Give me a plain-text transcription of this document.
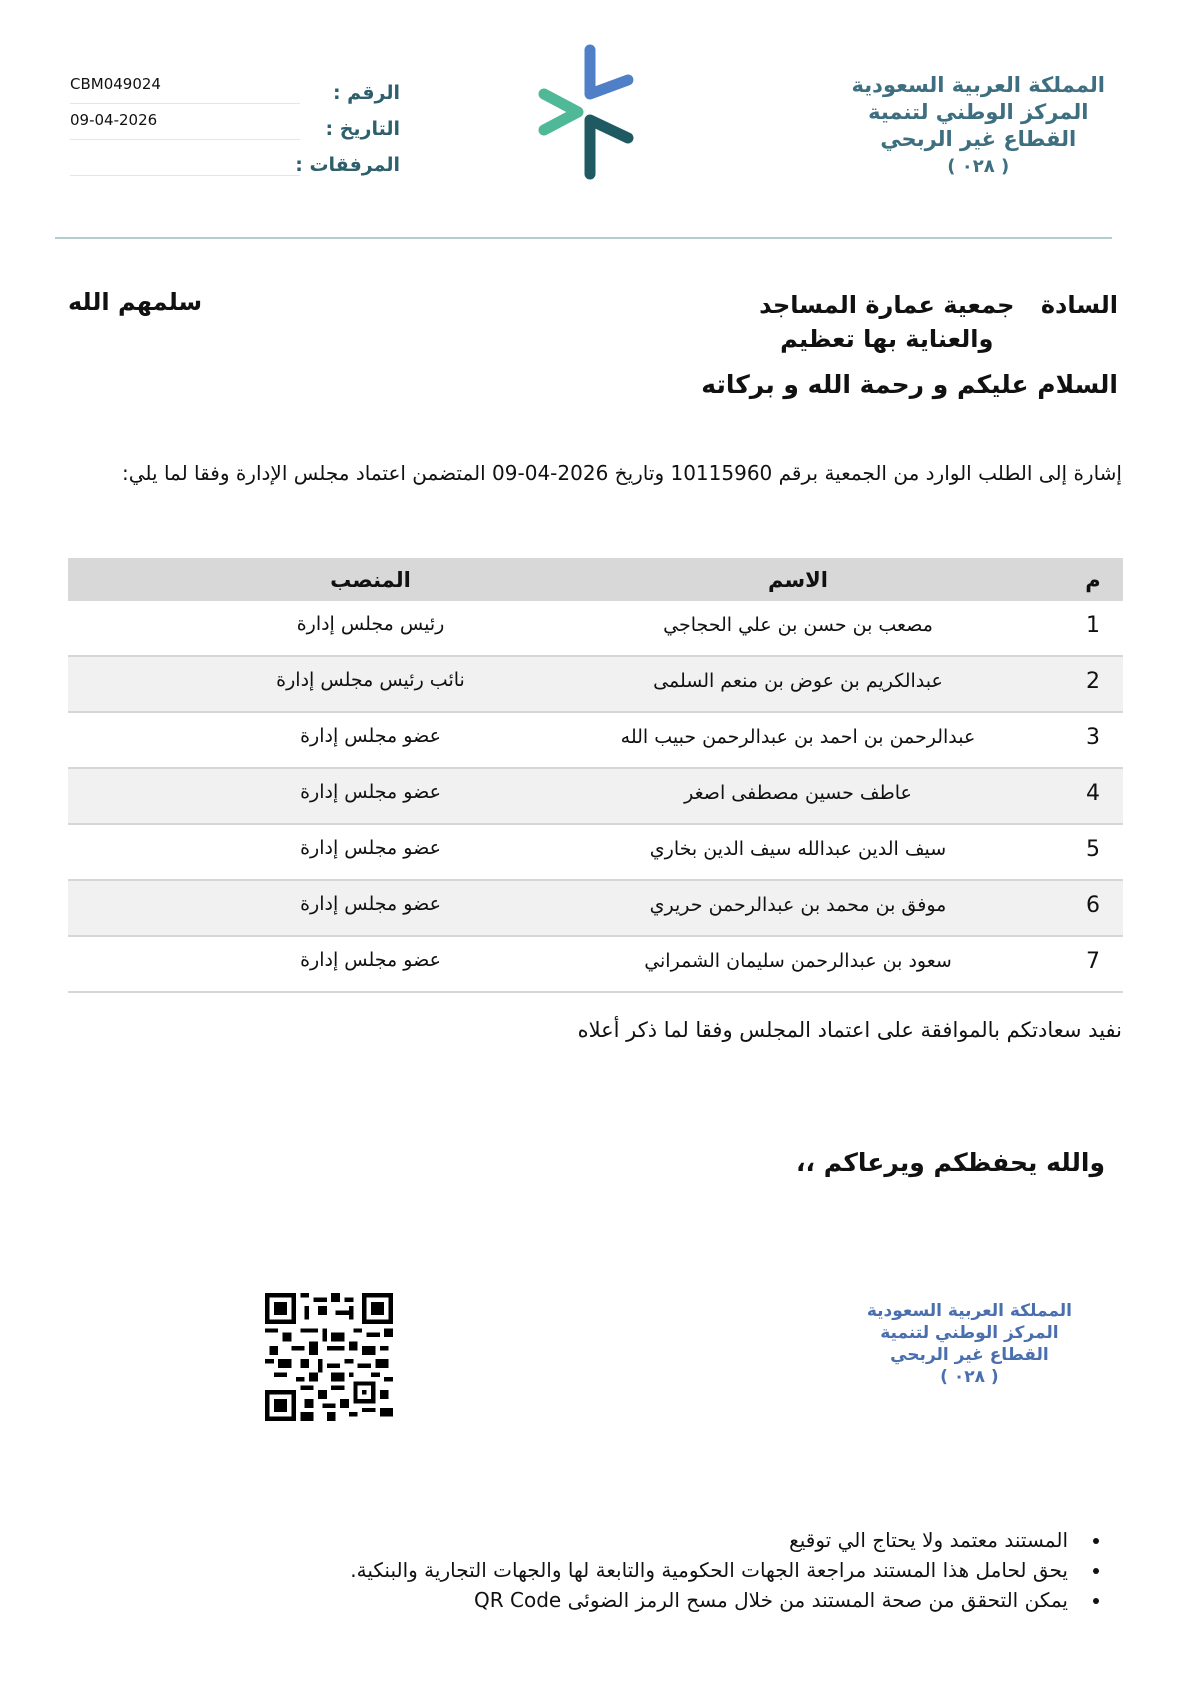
الرقم :
CBM049024
التاريخ :
09-04-2026
المرفقات :
المملكة العربية السعودية
المركز الوطني لتنمية
القطاع غير الربحي
( ٠٢٨ )
السادة
جمعية عمارة المساجد
والعناية بها تعظيم
سلمهم الله
السلام عليكم و رحمة الله و بركاته
إشارة إلى الطلب الوارد من الجمعية برقم 10115960 وتاريخ 2026-04-09 المتضمن اعتماد مجلس الإدارة وفقا لما يلي:
م
الاسم
المنصب
1
مصعب بن حسن بن علي الحجاجي
رئيس مجلس إدارة
2
عبدالكريم بن عوض بن منعم السلمى
نائب رئيس مجلس إدارة
3
عبدالرحمن بن احمد بن عبدالرحمن حبيب الله
عضو مجلس إدارة
4
عاطف حسين مصطفى اصغر
عضو مجلس إدارة
5
سيف الدين عبدالله سيف الدين بخاري
عضو مجلس إدارة
6
موفق بن محمد بن عبدالرحمن حريري
عضو مجلس إدارة
7
سعود بن عبدالرحمن سليمان الشمراني
عضو مجلس إدارة
نفيد سعادتكم بالموافقة على اعتماد المجلس وفقا لما ذكر أعلاه
والله يحفظكم ويرعاكم ،،
المملكة العربية السعودية
المركز الوطني لتنمية
القطاع غير الربحي
( ٠٢٨ )
• المستند معتمد ولا يحتاج الي توقيع
• يحق لحامل هذا المستند مراجعة الجهات الحكومية والتابعة لها والجهات التجارية والبنكية.
• يمكن التحقق من صحة المستند من خلال مسح الرمز الضوئى QR Code
